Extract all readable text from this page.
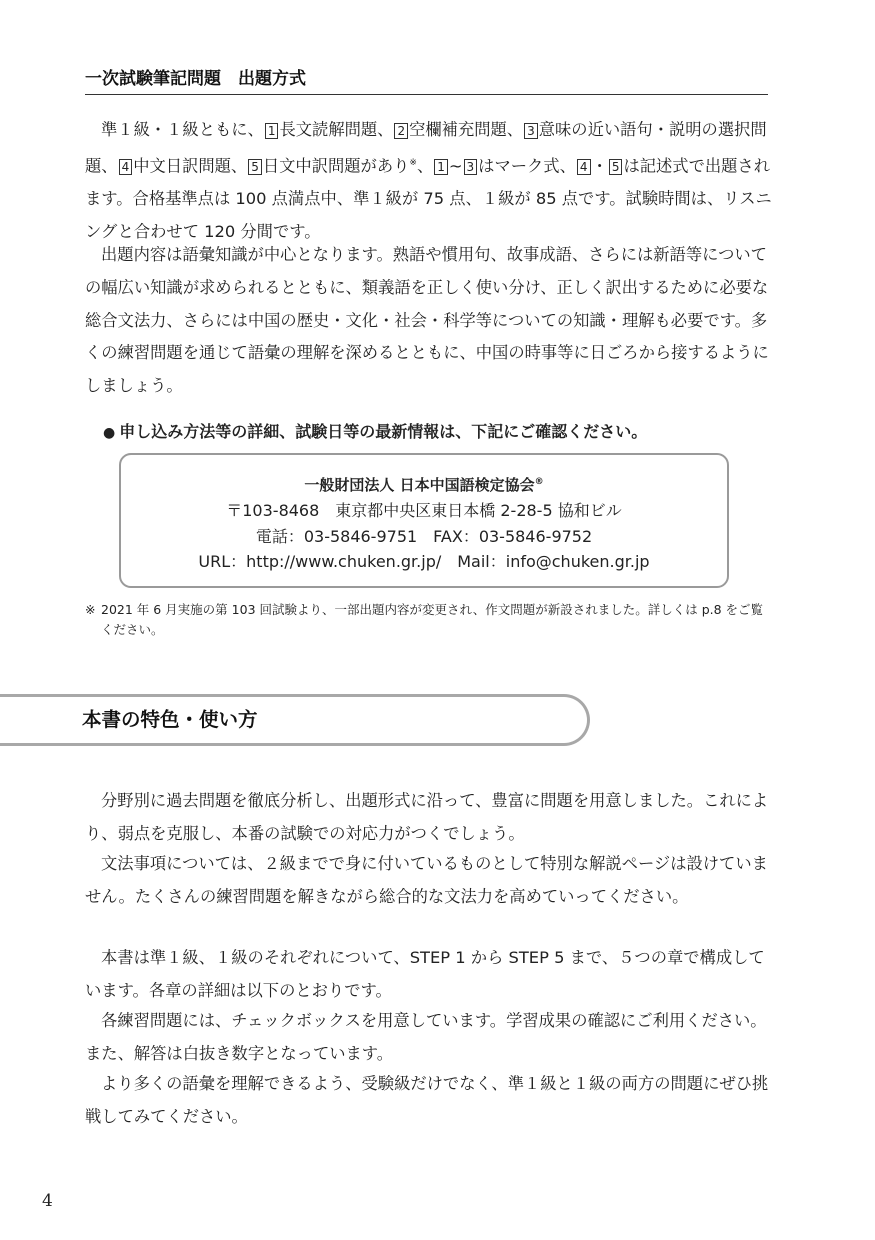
一次試験筆記問題　出題方式

準１級・１級ともに、 1 長文読解問題、 2 空欄補充問題、 3 意味の近い語句・説明の選択問題、 4 中文日訳問題、 5 日文中訳問題があり※、 1 ~ 3 はマーク式、 4 ・ 5 は記述式で出題されます。合格基準点は 100 点満点中、準１級が 75 点、１級が 85 点です。試験時間は、リスニングと合わせて 120 分間です。

出題内容は語彙知識が中心となります。熟語や慣用句、故事成語、さらには新語等についての幅広い知識が求められるとともに、類義語を正しく使い分け、正しく訳出するために必要な総合文法力、さらには中国の歴史・文化・社会・科学等についての知識・理解も必要です。多くの練習問題を通じて語彙の理解を深めるとともに、中国の時事等に日ごろから接するようにしましょう。

● 申し込み方法等の詳細、試験日等の最新情報は、下記にご確認ください。
一般財団法人 日本中国語検定協会®
〒103-8468　東京都中央区東日本橋 2-28-5 協和ビル
電話：03-5846-9751　FAX：03-5846-9752
URL：http://www.chuken.gr.jp/　Mail：info@chuken.gr.jp
※ 2021 年 6 月実施の第 103 回試験より、一部出題内容が変更され、作文問題が新設されました。詳しくは p.8 をご覧ください。
本書の特色・使い方

分野別に過去問題を徹底分析し、出題形式に沿って、豊富に問題を用意しました。これにより、弱点を克服し、本番の試験での対応力がつくでしょう。

文法事項については、２級までで身に付いているものとして特別な解説ページは設けていません。たくさんの練習問題を解きながら総合的な文法力を高めていってください。

本書は準１級、１級のそれぞれについて、STEP 1 から STEP 5 まで、５つの章で構成しています。各章の詳細は以下のとおりです。

各練習問題には、チェックボックスを用意しています。学習成果の確認にご利用ください。また、解答は白抜き数字となっています。

より多くの語彙を理解できるよう、受験級だけでなく、準１級と１級の両方の問題にぜひ挑戦してみてください。

4
